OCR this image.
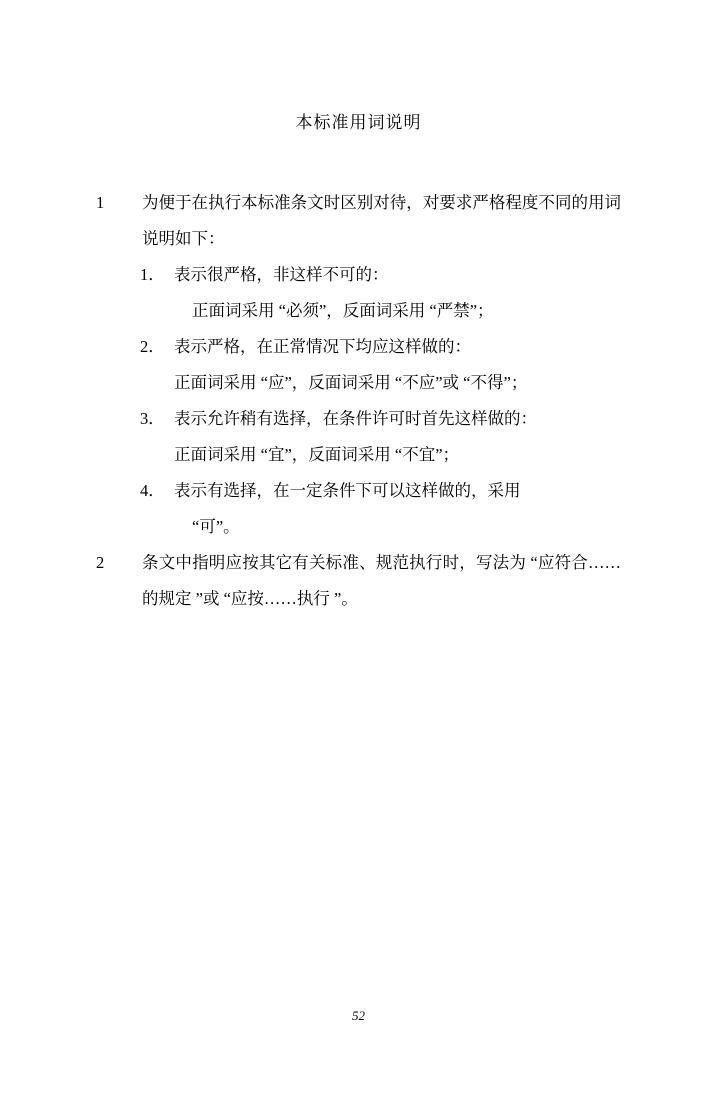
本标准用词说明
1	为便于在执行本标准条文时区别对待，对要求严格程度不同的用词说明如下：
1． 表示很严格，非这样不可的：
正面词采用 “必须”，反面词采用 “严禁”；
2． 表示严格，在正常情况下均应这样做的：
正面词采用 “应”，反面词采用 “不应”或 “不得”；
3． 表示允许稍有选择，在条件许可时首先这样做的：
正面词采用 “宜”，反面词采用 “不宜”；
4． 表示有选择，在一定条件下可以这样做的，采用
“可”。
2	条文中指明应按其它有关标准、规范执行时，写法为 “应符合……的规定 ”或 “应按……执行 ”。
52
